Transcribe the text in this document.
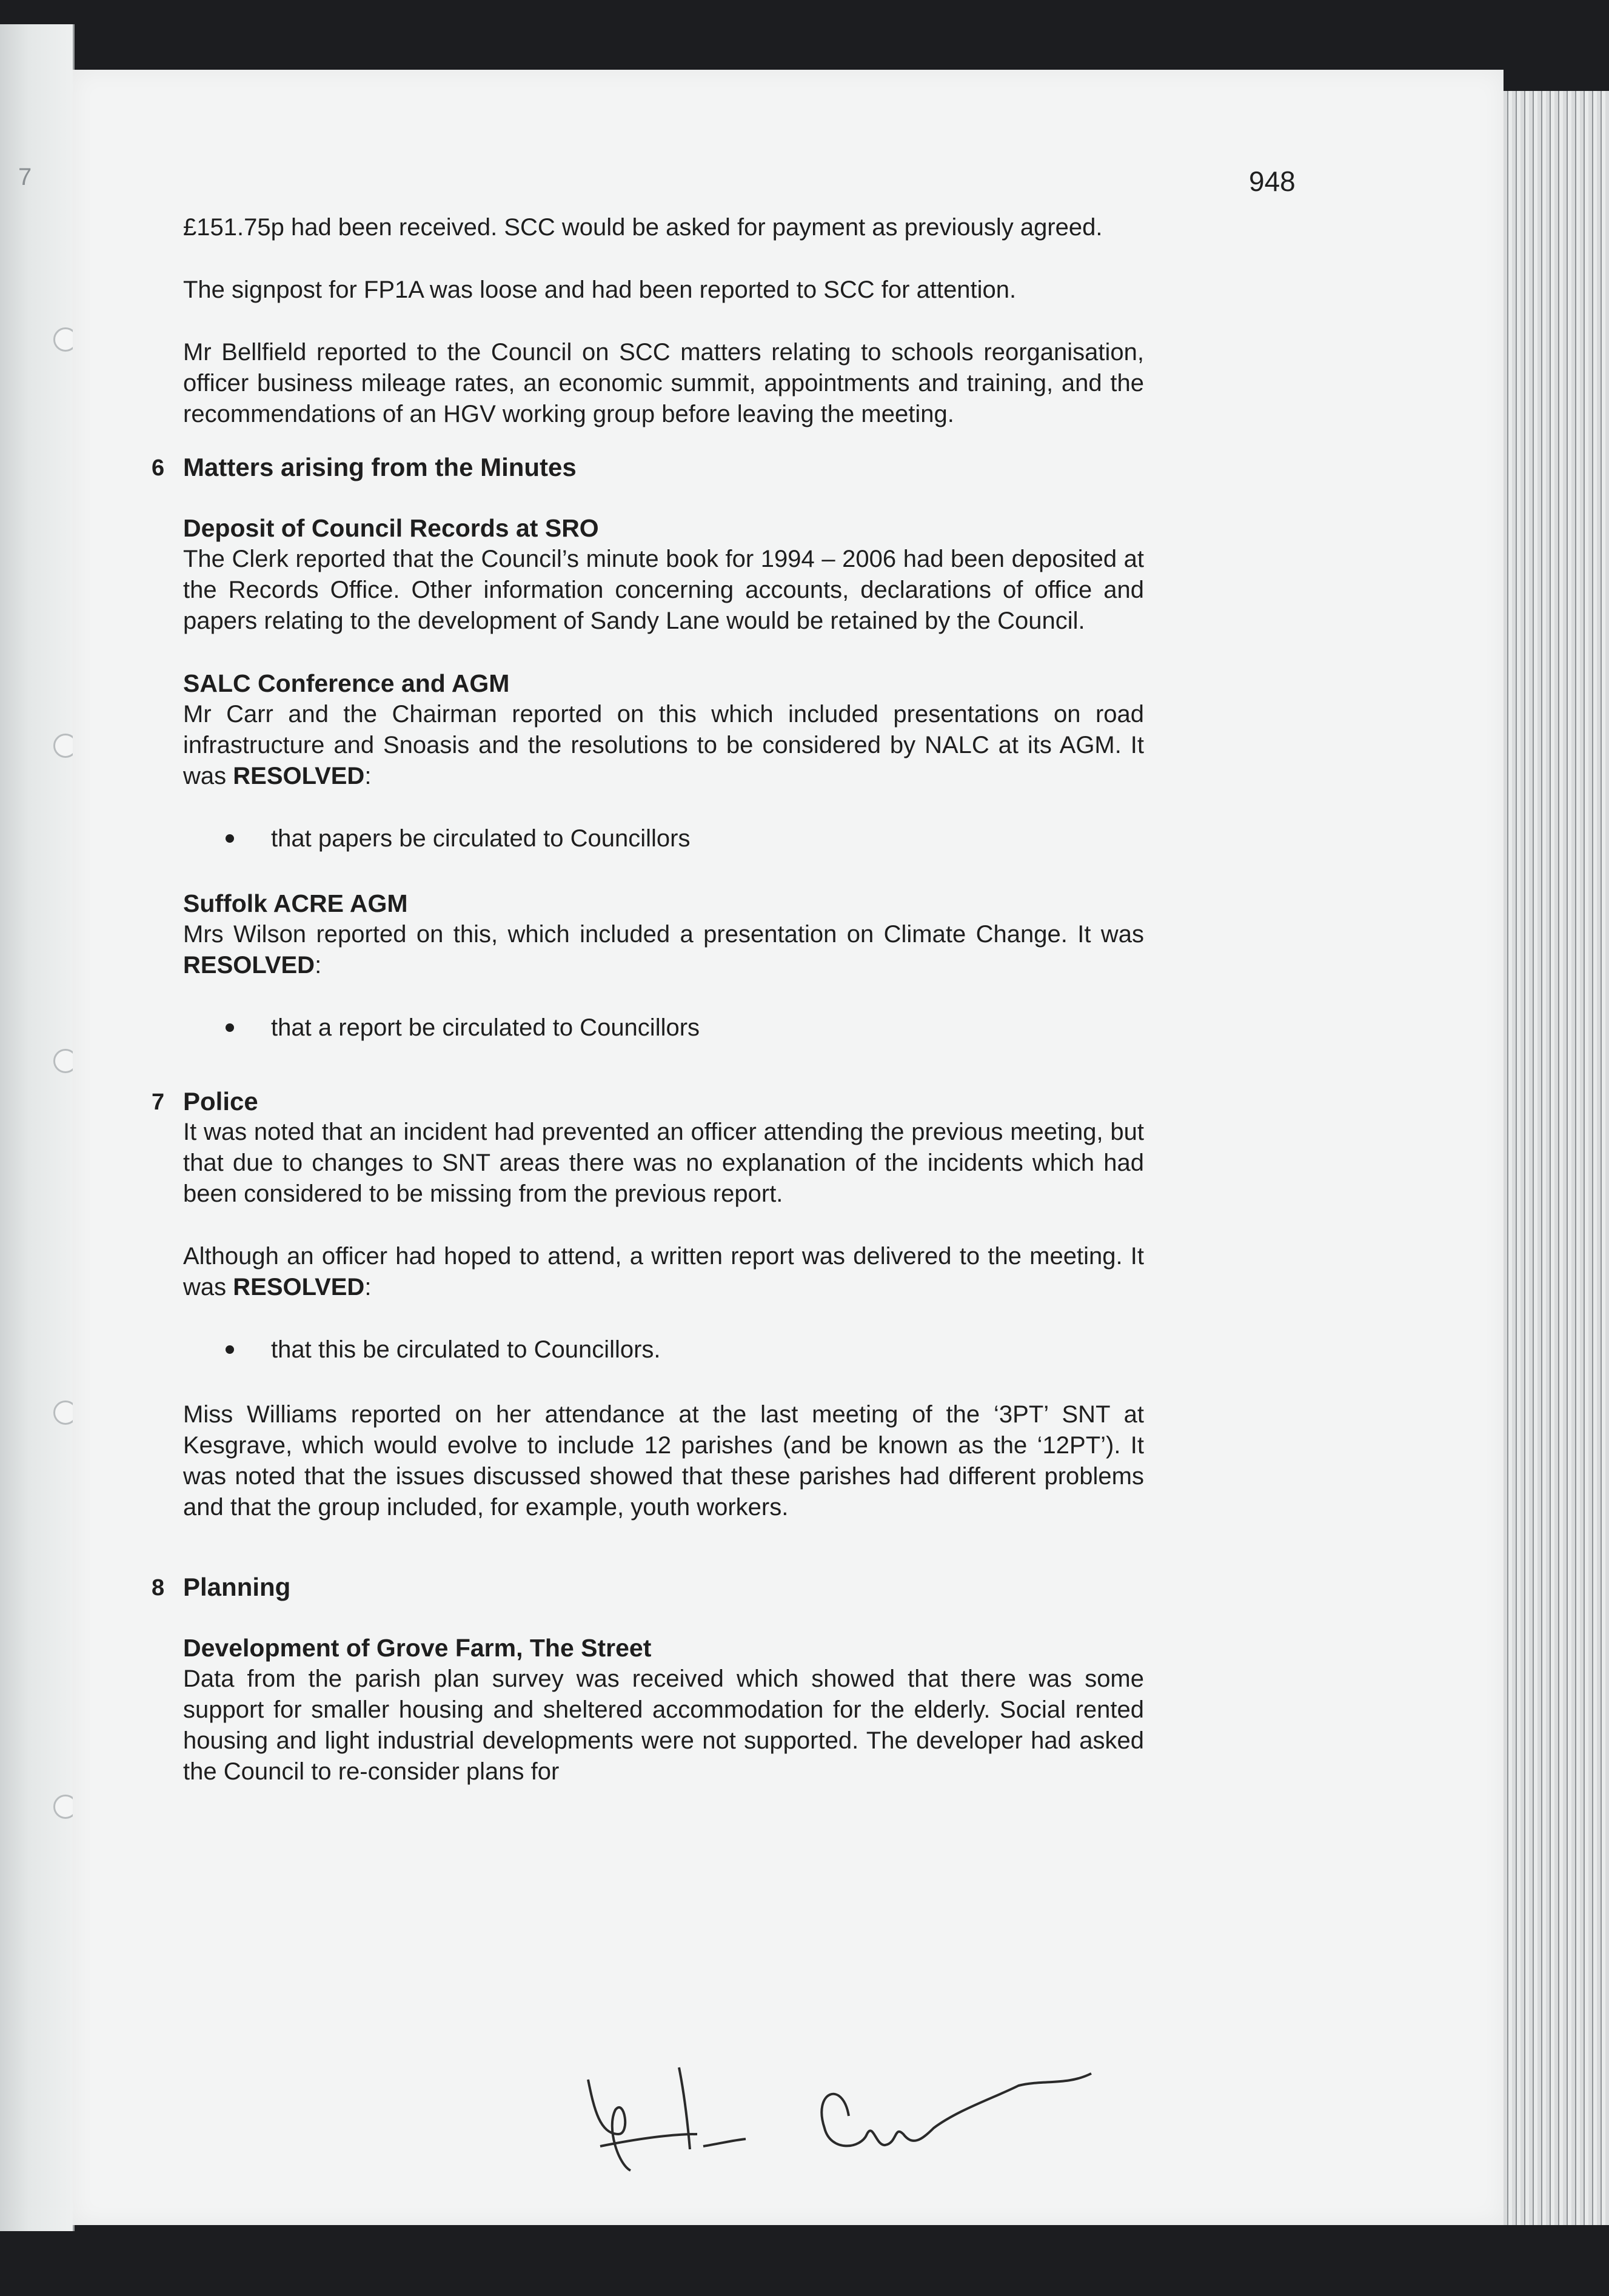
7	948

£151.75p had been received. SCC would be asked for payment as previously agreed.

The signpost for FP1A was loose and had been reported to SCC for attention.

Mr Bellfield reported to the Council on SCC matters relating to schools reorganisation, officer business mileage rates, an economic summit, appointments and training, and the recommendations of an HGV working group before leaving the meeting.

6 Matters arising from the Minutes
Deposit of Council Records at SRO

The Clerk reported that the Council’s minute book for 1994 – 2006 had been deposited at the Records Office. Other information concerning accounts, declarations of office and papers relating to the development of Sandy Lane would be retained by the Council.

SALC Conference and AGM

Mr Carr and the Chairman reported on this which included presentations on road infrastructure and Snoasis and the resolutions to be considered by NALC at its AGM. It was RESOLVED:

that papers be circulated to Councillors
Suffolk ACRE AGM

Mrs Wilson reported on this, which included a presentation on Climate Change. It was RESOLVED:

that a report be circulated to Councillors
7 Police

It was noted that an incident had prevented an officer attending the previous meeting, but that due to changes to SNT areas there was no explanation of the incidents which had been considered to be missing from the previous report.

Although an officer had hoped to attend, a written report was delivered to the meeting. It was RESOLVED:

that this be circulated to Councillors.

Miss Williams reported on her attendance at the last meeting of the ‘3PT’ SNT at Kesgrave, which would evolve to include 12 parishes (and be known as the ‘12PT’). It was noted that the issues discussed showed that these parishes had different problems and that the group included, for example, youth workers.

8 Planning
Development of Grove Farm, The Street

Data from the parish plan survey was received which showed that there was some support for smaller housing and sheltered accommodation for the elderly. Social rented housing and light industrial developments were not supported. The developer had asked the Council to re-consider plans for
